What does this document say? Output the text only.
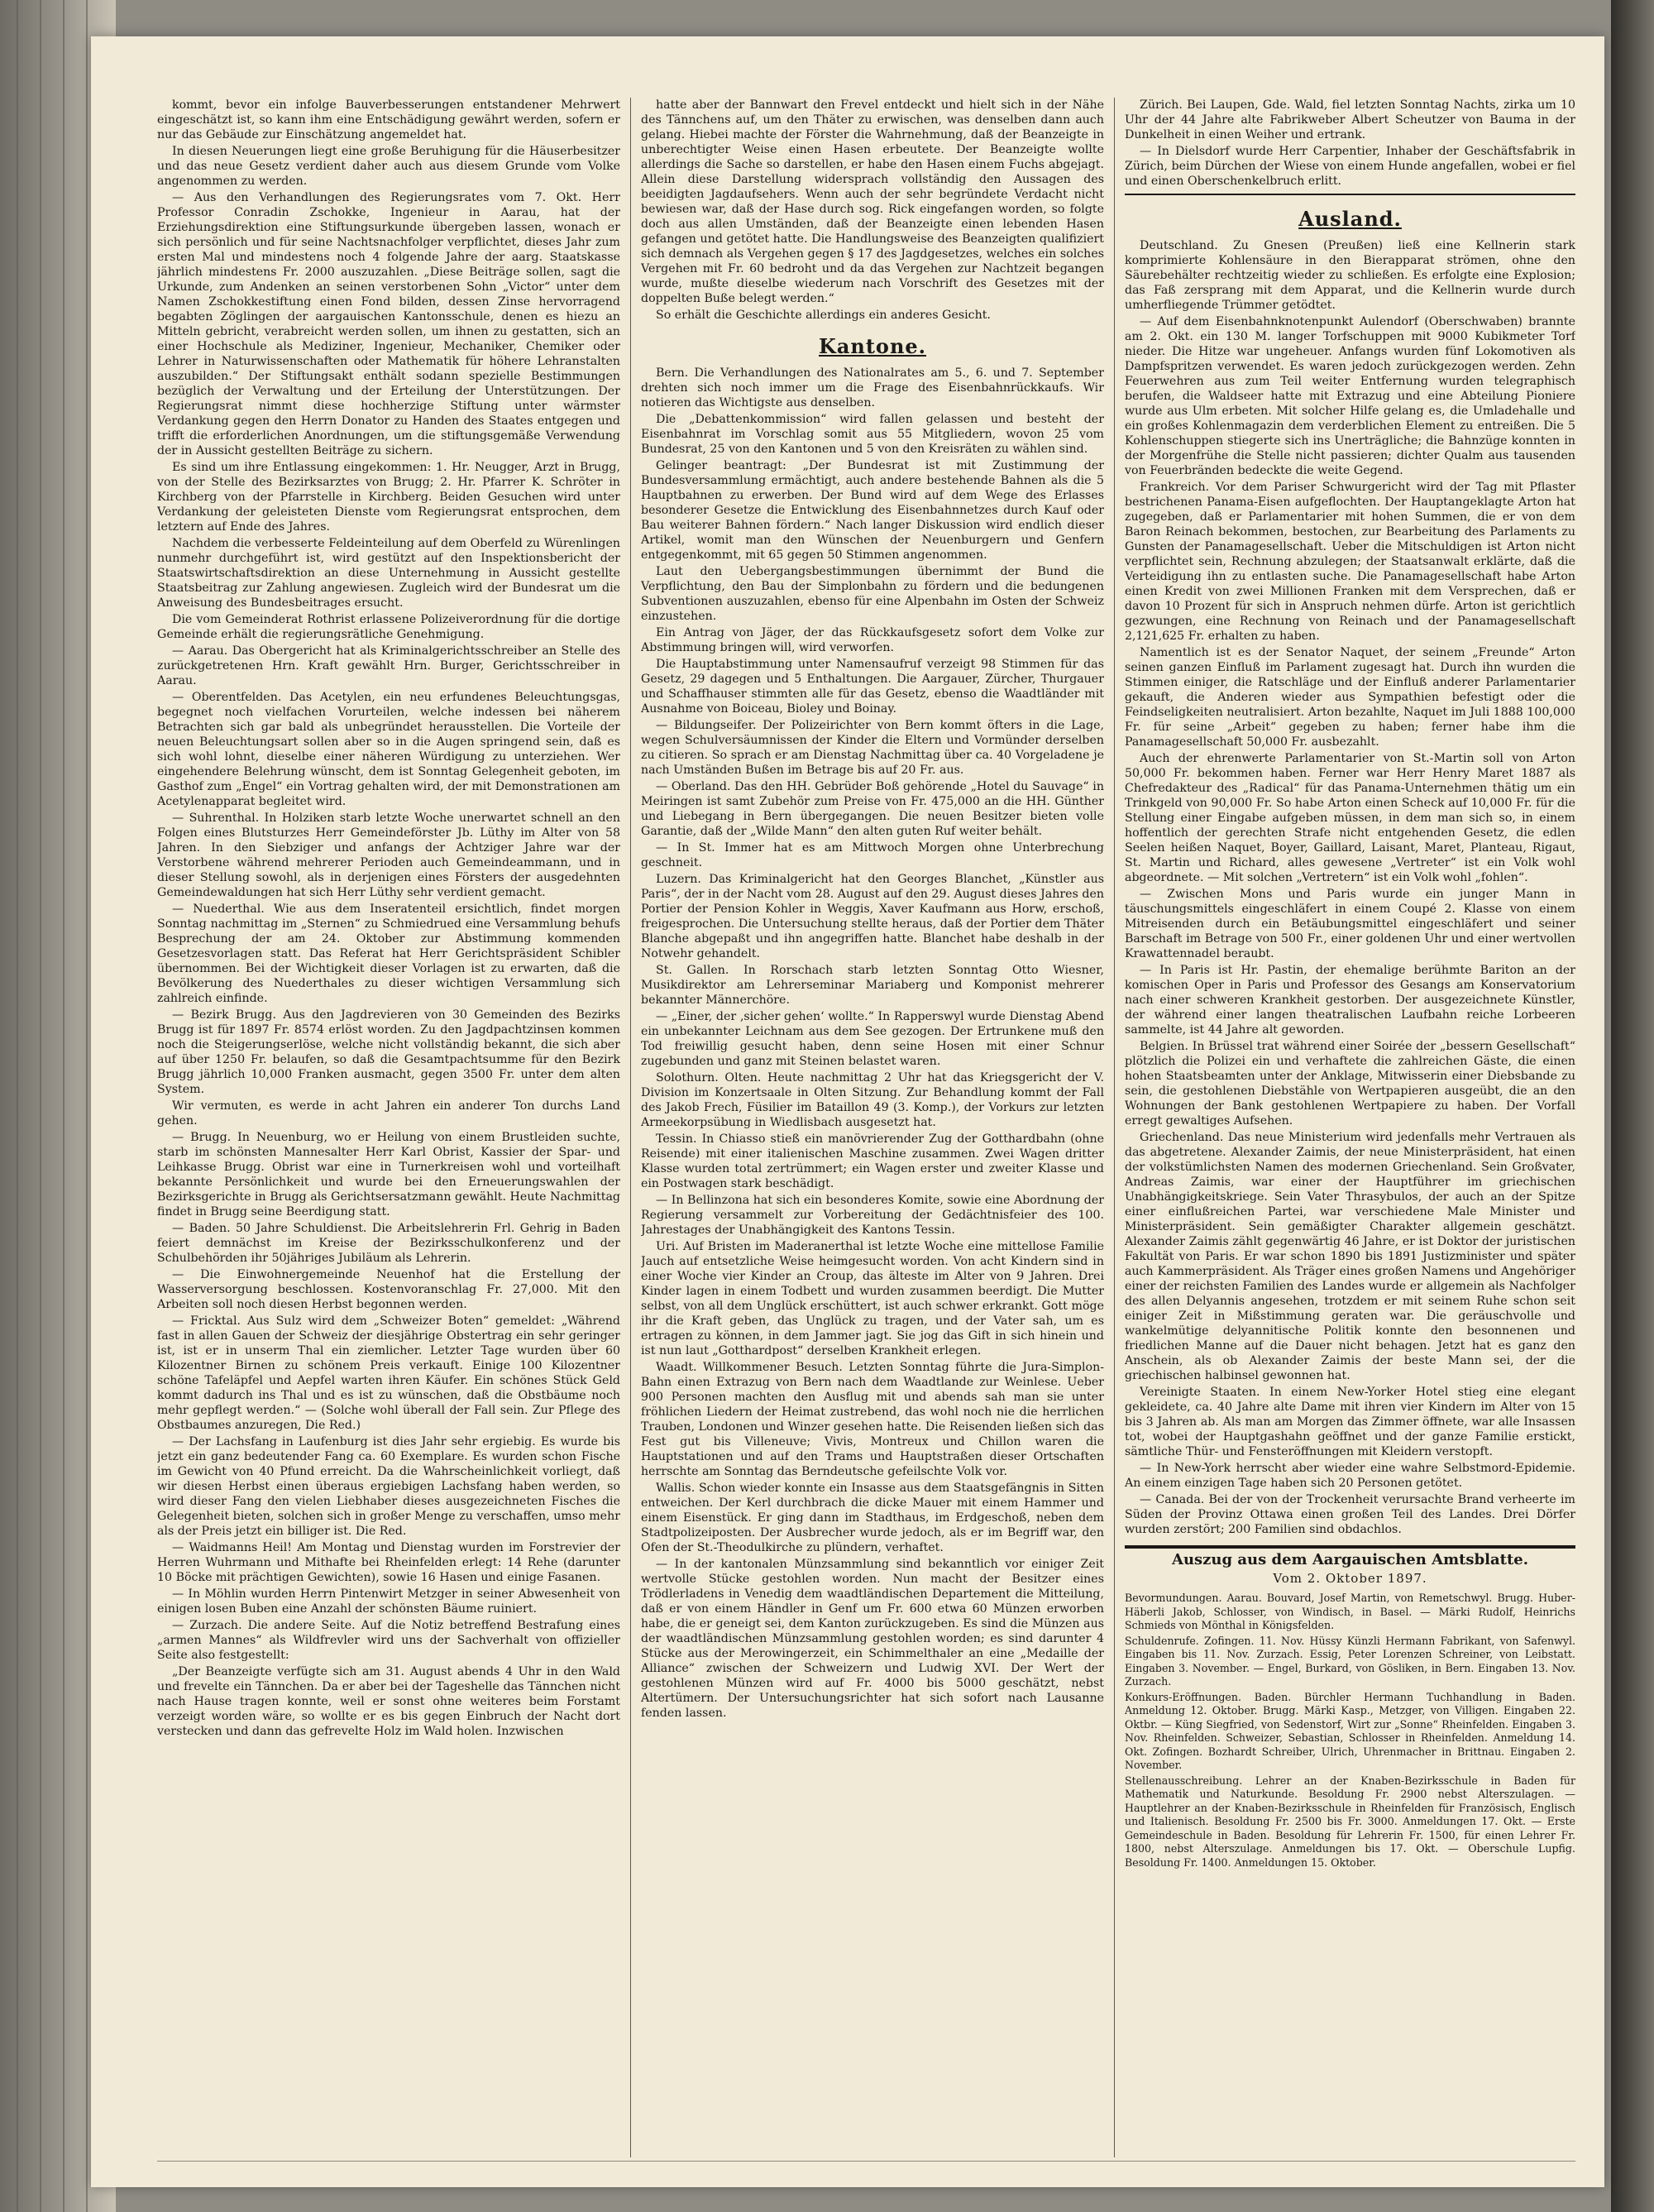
kommt, bevor ein infolge Bauverbesserungen entstandener Mehrwert eingeschätzt ist, so kann ihm eine Entschädigung gewährt werden, sofern er nur das Gebäude zur Einschätzung angemeldet hat.

In diesen Neuerungen liegt eine große Beruhigung für die Häuserbesitzer und das neue Gesetz verdient daher auch aus diesem Grunde vom Volke angenommen zu werden.

— Aus den Verhandlungen des Regierungsrates vom 7. Okt. Herr Professor Conradin Zschokke, Ingenieur in Aarau, hat der Erziehungsdirektion eine Stiftungsurkunde übergeben lassen, wonach er sich persönlich und für seine Nachtsnachfolger verpflichtet, dieses Jahr zum ersten Mal und mindestens noch 4 folgende Jahre der aarg. Staatskasse jährlich mindestens Fr. 2000 auszuzahlen. „Diese Beiträge sollen, sagt die Urkunde, zum Andenken an seinen verstorbenen Sohn „Victor“ unter dem Namen Zschokkestiftung einen Fond bilden, dessen Zinse hervorragend begabten Zöglingen der aargauischen Kantonsschule, denen es hiezu an Mitteln gebricht, verabreicht werden sollen, um ihnen zu gestatten, sich an einer Hochschule als Mediziner, Ingenieur, Mechaniker, Chemiker oder Lehrer in Naturwissenschaften oder Mathematik für höhere Lehranstalten auszubilden.“ Der Stiftungsakt enthält sodann spezielle Bestimmungen bezüglich der Verwaltung und der Erteilung der Unterstützungen. Der Regierungsrat nimmt diese hochherzige Stiftung unter wärmster Verdankung gegen den Herrn Donator zu Handen des Staates entgegen und trifft die erforderlichen Anordnungen, um die stiftungsgemäße Verwendung der in Aussicht gestellten Beiträge zu sichern.

Es sind um ihre Entlassung eingekommen: 1. Hr. Neugger, Arzt in Brugg, von der Stelle des Bezirksarztes von Brugg; 2. Hr. Pfarrer K. Schröter in Kirchberg von der Pfarrstelle in Kirchberg. Beiden Gesuchen wird unter Verdankung der geleisteten Dienste vom Regierungsrat entsprochen, dem letztern auf Ende des Jahres.

Nachdem die verbesserte Feldeinteilung auf dem Oberfeld zu Würenlingen nunmehr durchgeführt ist, wird gestützt auf den Inspektionsbericht der Staatswirtschaftsdirektion an diese Unternehmung in Aussicht gestellte Staatsbeitrag zur Zahlung angewiesen. Zugleich wird der Bundesrat um die Anweisung des Bundesbeitrages ersucht.

Die vom Gemeinderat Rothrist erlassene Polizeiverordnung für die dortige Gemeinde erhält die regierungsrätliche Genehmigung.

— Aarau. Das Obergericht hat als Kriminalgerichtsschreiber an Stelle des zurückgetretenen Hrn. Kraft gewählt Hrn. Burger, Gerichtsschreiber in Aarau.

— Oberentfelden. Das Acetylen, ein neu erfundenes Beleuchtungsgas, begegnet noch vielfachen Vorurteilen, welche indessen bei näherem Betrachten sich gar bald als unbegründet herausstellen. Die Vorteile der neuen Beleuchtungsart sollen aber so in die Augen springend sein, daß es sich wohl lohnt, dieselbe einer näheren Würdigung zu unterziehen. Wer eingehendere Belehrung wünscht, dem ist Sonntag Gelegenheit geboten, im Gasthof zum „Engel“ ein Vortrag gehalten wird, der mit Demonstrationen am Acetylenapparat begleitet wird.

— Suhrenthal. In Holziken starb letzte Woche unerwartet schnell an den Folgen eines Blutsturzes Herr Gemeindeförster Jb. Lüthy im Alter von 58 Jahren. In den Siebziger und anfangs der Achtziger Jahre war der Verstorbene während mehrerer Perioden auch Gemeindeammann, und in dieser Stellung sowohl, als in derjenigen eines Försters der ausgedehnten Gemeindewaldungen hat sich Herr Lüthy sehr verdient gemacht.

— Nuederthal. Wie aus dem Inseratenteil ersichtlich, findet morgen Sonntag nachmittag im „Sternen“ zu Schmiedrued eine Versammlung behufs Besprechung der am 24. Oktober zur Abstimmung kommenden Gesetzesvorlagen statt. Das Referat hat Herr Gerichtspräsident Schibler übernommen. Bei der Wichtigkeit dieser Vorlagen ist zu erwarten, daß die Bevölkerung des Nuederthales zu dieser wichtigen Versammlung sich zahlreich einfinde.

— Bezirk Brugg. Aus den Jagdrevieren von 30 Gemeinden des Bezirks Brugg ist für 1897 Fr. 8574 erlöst worden. Zu den Jagdpachtzinsen kommen noch die Steigerungserlöse, welche nicht vollständig bekannt, die sich aber auf über 1250 Fr. belaufen, so daß die Gesamtpachtsumme für den Bezirk Brugg jährlich 10,000 Franken ausmacht, gegen 3500 Fr. unter dem alten System.

Wir vermuten, es werde in acht Jahren ein anderer Ton durchs Land gehen.

— Brugg. In Neuenburg, wo er Heilung von einem Brustleiden suchte, starb im schönsten Mannesalter Herr Karl Obrist, Kassier der Spar- und Leihkasse Brugg. Obrist war eine in Turnerkreisen wohl und vorteilhaft bekannte Persönlichkeit und wurde bei den Erneuerungswahlen der Bezirksgerichte in Brugg als Gerichtsersatzmann gewählt. Heute Nachmittag findet in Brugg seine Beerdigung statt.

— Baden. 50 Jahre Schuldienst. Die Arbeitslehrerin Frl. Gehrig in Baden feiert demnächst im Kreise der Bezirksschulkonferenz und der Schulbehörden ihr 50jähriges Jubiläum als Lehrerin.

— Die Einwohnergemeinde Neuenhof hat die Erstellung der Wasserversorgung beschlossen. Kostenvoranschlag Fr. 27,000. Mit den Arbeiten soll noch diesen Herbst begonnen werden.

— Fricktal. Aus Sulz wird dem „Schweizer Boten“ gemeldet: „Während fast in allen Gauen der Schweiz der diesjährige Obstertrag ein sehr geringer ist, ist er in unserm Thal ein ziemlicher. Letzter Tage wurden über 60 Kilozentner Birnen zu schönem Preis verkauft. Einige 100 Kilozentner schöne Tafeläpfel und Aepfel warten ihren Käufer. Ein schönes Stück Geld kommt dadurch ins Thal und es ist zu wünschen, daß die Obstbäume noch mehr gepflegt werden.“ — (Solche wohl überall der Fall sein. Zur Pflege des Obstbaumes anzuregen, Die Red.)

— Der Lachsfang in Laufenburg ist dies Jahr sehr ergiebig. Es wurde bis jetzt ein ganz bedeutender Fang ca. 60 Exemplare. Es wurden schon Fische im Gewicht von 40 Pfund erreicht. Da die Wahrscheinlichkeit vorliegt, daß wir diesen Herbst einen überaus ergiebigen Lachsfang haben werden, so wird dieser Fang den vielen Liebhaber dieses ausgezeichneten Fisches die Gelegenheit bieten, solchen sich in großer Menge zu verschaffen, umso mehr als der Preis jetzt ein billiger ist. Die Red.

— Waidmanns Heil! Am Montag und Dienstag wurden im Forstrevier der Herren Wuhrmann und Mithafte bei Rheinfelden erlegt: 14 Rehe (darunter 10 Böcke mit prächtigen Gewichten), sowie 16 Hasen und einige Fasanen.

— In Möhlin wurden Herrn Pintenwirt Metzger in seiner Abwesenheit von einigen losen Buben eine Anzahl der schönsten Bäume ruiniert.

— Zurzach. Die andere Seite. Auf die Notiz betreffend Bestrafung eines „armen Mannes“ als Wildfrevler wird uns der Sachverhalt von offizieller Seite also festgestellt:

„Der Beanzeigte verfügte sich am 31. August abends 4 Uhr in den Wald und frevelte ein Tännchen. Da er aber bei der Tageshelle das Tännchen nicht nach Hause tragen konnte, weil er sonst ohne weiteres beim Forstamt verzeigt worden wäre, so wollte er es bis gegen Einbruch der Nacht dort verstecken und dann das gefrevelte Holz im Wald holen. Inzwischen

hatte aber der Bannwart den Frevel entdeckt und hielt sich in der Nähe des Tännchens auf, um den Thäter zu erwischen, was denselben dann auch gelang. Hiebei machte der Förster die Wahrnehmung, daß der Beanzeigte in unberechtigter Weise einen Hasen erbeutete. Der Beanzeigte wollte allerdings die Sache so darstellen, er habe den Hasen einem Fuchs abgejagt. Allein diese Darstellung widersprach vollständig den Aussagen des beeidigten Jagdaufsehers. Wenn auch der sehr begründete Verdacht nicht bewiesen war, daß der Hase durch sog. Rick eingefangen worden, so folgte doch aus allen Umständen, daß der Beanzeigte einen lebenden Hasen gefangen und getötet hatte. Die Handlungsweise des Beanzeigten qualifiziert sich demnach als Vergehen gegen § 17 des Jagdgesetzes, welches ein solches Vergehen mit Fr. 60 bedroht und da das Vergehen zur Nachtzeit begangen wurde, mußte dieselbe wiederum nach Vorschrift des Gesetzes mit der doppelten Buße belegt werden.“

So erhält die Geschichte allerdings ein anderes Gesicht.

Kantone.

Bern. Die Verhandlungen des Nationalrates am 5., 6. und 7. September drehten sich noch immer um die Frage des Eisenbahnrückkaufs. Wir notieren das Wichtigste aus denselben.

Die „Debattenkommission“ wird fallen gelassen und besteht der Eisenbahnrat im Vorschlag somit aus 55 Mitgliedern, wovon 25 vom Bundesrat, 25 von den Kantonen und 5 von den Kreisräten zu wählen sind.

Gelinger beantragt: „Der Bundesrat ist mit Zustimmung der Bundesversammlung ermächtigt, auch andere bestehende Bahnen als die 5 Hauptbahnen zu erwerben. Der Bund wird auf dem Wege des Erlasses besonderer Gesetze die Entwicklung des Eisenbahnnetzes durch Kauf oder Bau weiterer Bahnen fördern.“ Nach langer Diskussion wird endlich dieser Artikel, womit man den Wünschen der Neuenburgern und Genfern entgegenkommt, mit 65 gegen 50 Stimmen angenommen.

Laut den Uebergangsbestimmungen übernimmt der Bund die Verpflichtung, den Bau der Simplonbahn zu fördern und die bedungenen Subventionen auszuzahlen, ebenso für eine Alpenbahn im Osten der Schweiz einzustehen.

Ein Antrag von Jäger, der das Rückkaufsgesetz sofort dem Volke zur Abstimmung bringen will, wird verworfen.

Die Hauptabstimmung unter Namensaufruf verzeigt 98 Stimmen für das Gesetz, 29 dagegen und 5 Enthaltungen. Die Aargauer, Zürcher, Thurgauer und Schaffhauser stimmten alle für das Gesetz, ebenso die Waadtländer mit Ausnahme von Boiceau, Bioley und Boinay.

— Bildungseifer. Der Polizeirichter von Bern kommt öfters in die Lage, wegen Schulversäumnissen der Kinder die Eltern und Vormünder derselben zu citieren. So sprach er am Dienstag Nachmittag über ca. 40 Vorgeladene je nach Umständen Bußen im Betrage bis auf 20 Fr. aus.

— Oberland. Das den HH. Gebrüder Boß gehörende „Hotel du Sauvage“ in Meiringen ist samt Zubehör zum Preise von Fr. 475,000 an die HH. Günther und Liebegang in Bern übergegangen. Die neuen Besitzer bieten volle Garantie, daß der „Wilde Mann“ den alten guten Ruf weiter behält.

— In St. Immer hat es am Mittwoch Morgen ohne Unterbrechung geschneit.

Luzern. Das Kriminalgericht hat den Georges Blanchet, „Künstler aus Paris“, der in der Nacht vom 28. August auf den 29. August dieses Jahres den Portier der Pension Kohler in Weggis, Xaver Kaufmann aus Horw, erschoß, freigesprochen. Die Untersuchung stellte heraus, daß der Portier dem Thäter Blanche abgepaßt und ihn angegriffen hatte. Blanchet habe deshalb in der Notwehr gehandelt.

St. Gallen. In Rorschach starb letzten Sonntag Otto Wiesner, Musikdirektor am Lehrerseminar Mariaberg und Komponist mehrerer bekannter Männerchöre.

— „Einer, der ‚sicher gehen‘ wollte.“ In Rapperswyl wurde Dienstag Abend ein unbekannter Leichnam aus dem See gezogen. Der Ertrunkene muß den Tod freiwillig gesucht haben, denn seine Hosen mit einer Schnur zugebunden und ganz mit Steinen belastet waren.

Solothurn. Olten. Heute nachmittag 2 Uhr hat das Kriegsgericht der V. Division im Konzertsaale in Olten Sitzung. Zur Behandlung kommt der Fall des Jakob Frech, Füsilier im Bataillon 49 (3. Komp.), der Vorkurs zur letzten Armeekorpsübung in Wiedlisbach ausgesetzt hat.

Tessin. In Chiasso stieß ein manövrierender Zug der Gotthardbahn (ohne Reisende) mit einer italienischen Maschine zusammen. Zwei Wagen dritter Klasse wurden total zertrümmert; ein Wagen erster und zweiter Klasse und ein Postwagen stark beschädigt.

— In Bellinzona hat sich ein besonderes Komite, sowie eine Abordnung der Regierung versammelt zur Vorbereitung der Gedächtnisfeier des 100. Jahrestages der Unabhängigkeit des Kantons Tessin.

Uri. Auf Bristen im Maderanerthal ist letzte Woche eine mittellose Familie Jauch auf entsetzliche Weise heimgesucht worden. Von acht Kindern sind in einer Woche vier Kinder an Croup, das älteste im Alter von 9 Jahren. Drei Kinder lagen in einem Todbett und wurden zusammen beerdigt. Die Mutter selbst, von all dem Unglück erschüttert, ist auch schwer erkrankt. Gott möge ihr die Kraft geben, das Unglück zu tragen, und der Vater sah, um es ertragen zu können, in dem Jammer jagt. Sie jog das Gift in sich hinein und ist nun laut „Gotthardpost“ derselben Krankheit erlegen.

Waadt. Willkommener Besuch. Letzten Sonntag führte die Jura-Simplon-Bahn einen Extrazug von Bern nach dem Waadtlande zur Weinlese. Ueber 900 Personen machten den Ausflug mit und abends sah man sie unter fröhlichen Liedern der Heimat zustrebend, das wohl noch nie die herrlichen Trauben, Londonen und Winzer gesehen hatte. Die Reisenden ließen sich das Fest gut bis Villeneuve; Vivis, Montreux und Chillon waren die Hauptstationen und auf den Trams und Hauptstraßen dieser Ortschaften herrschte am Sonntag das Berndeutsche gefeilschte Volk vor.

Wallis. Schon wieder konnte ein Insasse aus dem Staatsgefängnis in Sitten entweichen. Der Kerl durchbrach die dicke Mauer mit einem Hammer und einem Eisenstück. Er ging dann im Stadthaus, im Erdgeschoß, neben dem Stadtpolizeiposten. Der Ausbrecher wurde jedoch, als er im Begriff war, den Ofen der St.-Theodulkirche zu plündern, verhaftet.

— In der kantonalen Münzsammlung sind bekanntlich vor einiger Zeit wertvolle Stücke gestohlen worden. Nun macht der Besitzer eines Trödlerladens in Venedig dem waadtländischen Departement die Mitteilung, daß er von einem Händler in Genf um Fr. 600 etwa 60 Münzen erworben habe, die er geneigt sei, dem Kanton zurückzugeben. Es sind die Münzen aus der waadtländischen Münzsammlung gestohlen worden; es sind darunter 4 Stücke aus der Merowingerzeit, ein Schimmelthaler an eine „Medaille der Alliance“ zwischen der Schweizern und Ludwig XVI. Der Wert der gestohlenen Münzen wird auf Fr. 4000 bis 5000 geschätzt, nebst Altertümern. Der Untersuchungsrichter hat sich sofort nach Lausanne fenden lassen.

Zürich. Bei Laupen, Gde. Wald, fiel letzten Sonntag Nachts, zirka um 10 Uhr der 44 Jahre alte Fabrikweber Albert Scheutzer von Bauma in der Dunkelheit in einen Weiher und ertrank.

— In Dielsdorf wurde Herr Carpentier, Inhaber der Geschäftsfabrik in Zürich, beim Dürchen der Wiese von einem Hunde angefallen, wobei er fiel und einen Oberschenkelbruch erlitt.

Ausland.

Deutschland. Zu Gnesen (Preußen) ließ eine Kellnerin stark komprimierte Kohlensäure in den Bierapparat strömen, ohne den Säurebehälter rechtzeitig wieder zu schließen. Es erfolgte eine Explosion; das Faß zersprang mit dem Apparat, und die Kellnerin wurde durch umherfliegende Trümmer getödtet.

— Auf dem Eisenbahnknotenpunkt Aulendorf (Oberschwaben) brannte am 2. Okt. ein 130 M. langer Torfschuppen mit 9000 Kubikmeter Torf nieder. Die Hitze war ungeheuer. Anfangs wurden fünf Lokomotiven als Dampfspritzen verwendet. Es waren jedoch zurückgezogen werden. Zehn Feuerwehren aus zum Teil weiter Entfernung wurden telegraphisch berufen, die Waldseer hatte mit Extrazug und eine Abteilung Pioniere wurde aus Ulm erbeten. Mit solcher Hilfe gelang es, die Umladehalle und ein großes Kohlenmagazin dem verderblichen Element zu entreißen. Die 5 Kohlenschuppen stiegerte sich ins Unerträgliche; die Bahnzüge konnten in der Morgenfrühe die Stelle nicht passieren; dichter Qualm aus tausenden von Feuerbränden bedeckte die weite Gegend.

Frankreich. Vor dem Pariser Schwurgericht wird der Tag mit Pflaster bestrichenen Panama-Eisen aufgeflochten. Der Hauptangeklagte Arton hat zugegeben, daß er Parlamentarier mit hohen Summen, die er von dem Baron Reinach bekommen, bestochen, zur Bearbeitung des Parlaments zu Gunsten der Panamagesellschaft. Ueber die Mitschuldigen ist Arton nicht verpflichtet sein, Rechnung abzulegen; der Staatsanwalt erklärte, daß die Verteidigung ihn zu entlasten suche. Die Panamagesellschaft habe Arton einen Kredit von zwei Millionen Franken mit dem Versprechen, daß er davon 10 Prozent für sich in Anspruch nehmen dürfe. Arton ist gerichtlich gezwungen, eine Rechnung von Reinach und der Panamagesellschaft 2,121,625 Fr. erhalten zu haben.

Namentlich ist es der Senator Naquet, der seinem „Freunde“ Arton seinen ganzen Einfluß im Parlament zugesagt hat. Durch ihn wurden die Stimmen einiger, die Ratschläge und der Einfluß anderer Parlamentarier gekauft, die Anderen wieder aus Sympathien befestigt oder die Feindseligkeiten neutralisiert. Arton bezahlte, Naquet im Juli 1888 100,000 Fr. für seine „Arbeit“ gegeben zu haben; ferner habe ihm die Panamagesellschaft 50,000 Fr. ausbezahlt.

Auch der ehrenwerte Parlamentarier von St.-Martin soll von Arton 50,000 Fr. bekommen haben. Ferner war Herr Henry Maret 1887 als Chefredakteur des „Radical“ für das Panama-Unternehmen thätig um ein Trinkgeld von 90,000 Fr. So habe Arton einen Scheck auf 10,000 Fr. für die Stellung einer Eingabe aufgeben müssen, in dem man sich so, in einem hoffentlich der gerechten Strafe nicht entgehenden Gesetz, die edlen Seelen heißen Naquet, Boyer, Gaillard, Laisant, Maret, Planteau, Rigaut, St. Martin und Richard, alles gewesene „Vertreter“ ist ein Volk wohl abgeordnete. — Mit solchen „Vertretern“ ist ein Volk wohl „fohlen“.

— Zwischen Mons und Paris wurde ein junger Mann in täuschungsmittels eingeschläfert in einem Coupé 2. Klasse von einem Mitreisenden durch ein Betäubungsmittel eingeschläfert und seiner Barschaft im Betrage von 500 Fr., einer goldenen Uhr und einer wertvollen Krawattennadel beraubt.

— In Paris ist Hr. Pastin, der ehemalige berühmte Bariton an der komischen Oper in Paris und Professor des Gesangs am Konservatorium nach einer schweren Krankheit gestorben. Der ausgezeichnete Künstler, der während einer langen theatralischen Laufbahn reiche Lorbeeren sammelte, ist 44 Jahre alt geworden.

Belgien. In Brüssel trat während einer Soirée der „bessern Gesellschaft“ plötzlich die Polizei ein und verhaftete die zahlreichen Gäste, die einen hohen Staatsbeamten unter der Anklage, Mitwisserin einer Diebsbande zu sein, die gestohlenen Diebstähle von Wertpapieren ausgeübt, die an den Wohnungen der Bank gestohlenen Wertpapiere zu haben. Der Vorfall erregt gewaltiges Aufsehen.

Griechenland. Das neue Ministerium wird jedenfalls mehr Vertrauen als das abgetretene. Alexander Zaimis, der neue Ministerpräsident, hat einen der volkstümlichsten Namen des modernen Griechenland. Sein Großvater, Andreas Zaimis, war einer der Hauptführer im griechischen Unabhängigkeitskriege. Sein Vater Thrasybulos, der auch an der Spitze einer einflußreichen Partei, war verschiedene Male Minister und Ministerpräsident. Sein gemäßigter Charakter allgemein geschätzt. Alexander Zaimis zählt gegenwärtig 46 Jahre, er ist Doktor der juristischen Fakultät von Paris. Er war schon 1890 bis 1891 Justizminister und später auch Kammerpräsident. Als Träger eines großen Namens und Angehöriger einer der reichsten Familien des Landes wurde er allgemein als Nachfolger des allen Delyannis angesehen, trotzdem er mit seinem Ruhe schon seit einiger Zeit in Mißstimmung geraten war. Die geräuschvolle und wankelmütige delyannitische Politik konnte den besonnenen und friedlichen Manne auf die Dauer nicht behagen. Jetzt hat es ganz den Anschein, als ob Alexander Zaimis der beste Mann sei, der die griechischen halbinsel gewonnen hat.

Vereinigte Staaten. In einem New-Yorker Hotel stieg eine elegant gekleidete, ca. 40 Jahre alte Dame mit ihren vier Kindern im Alter von 15 bis 3 Jahren ab. Als man am Morgen das Zimmer öffnete, war alle Insassen tot, wobei der Hauptgashahn geöffnet und der ganze Familie erstickt, sämtliche Thür- und Fensteröffnungen mit Kleidern verstopft.

— In New-York herrscht aber wieder eine wahre Selbstmord-Epidemie. An einem einzigen Tage haben sich 20 Personen getötet.

— Canada. Bei der von der Trockenheit verursachte Brand verheerte im Süden der Provinz Ottawa einen großen Teil des Landes. Drei Dörfer wurden zerstört; 200 Familien sind obdachlos.

Auszug aus dem Aargauischen Amtsblatte.
Vom 2. Oktober 1897.

Bevormundungen. Aarau. Bouvard, Josef Martin, von Remetschwyl. Brugg. Huber-Häberli Jakob, Schlosser, von Windisch, in Basel. — Märki Rudolf, Heinrichs Schmieds von Mönthal in Königsfelden.

Schuldenrufe. Zofingen. 11. Nov. Hüssy Künzli Hermann Fabrikant, von Safenwyl. Eingaben bis 11. Nov. Zurzach. Essig, Peter Lorenzen Schreiner, von Leibstatt. Eingaben 3. November. — Engel, Burkard, von Gösliken, in Bern. Eingaben 13. Nov. Zurzach.

Konkurs-Eröffnungen. Baden. Bürchler Hermann Tuchhandlung in Baden. Anmeldung 12. Oktober. Brugg. Märki Kasp., Metzger, von Villigen. Eingaben 22. Oktbr. — Küng Siegfried, von Sedenstorf, Wirt zur „Sonne“ Rheinfelden. Eingaben 3. Nov. Rheinfelden. Schweizer, Sebastian, Schlosser in Rheinfelden. Anmeldung 14. Okt. Zofingen. Bozhardt Schreiber, Ulrich, Uhrenmacher in Brittnau. Eingaben 2. November.

Stellenausschreibung. Lehrer an der Knaben-Bezirksschule in Baden für Mathematik und Naturkunde. Besoldung Fr. 2900 nebst Alterszulagen. — Hauptlehrer an der Knaben-Bezirksschule in Rheinfelden für Französisch, Englisch und Italienisch. Besoldung Fr. 2500 bis Fr. 3000. Anmeldungen 17. Okt. — Erste Gemeindeschule in Baden. Besoldung für Lehrerin Fr. 1500, für einen Lehrer Fr. 1800, nebst Alterszulage. Anmeldungen bis 17. Okt. — Oberschule Lupfig. Besoldung Fr. 1400. Anmeldungen 15. Oktober.
